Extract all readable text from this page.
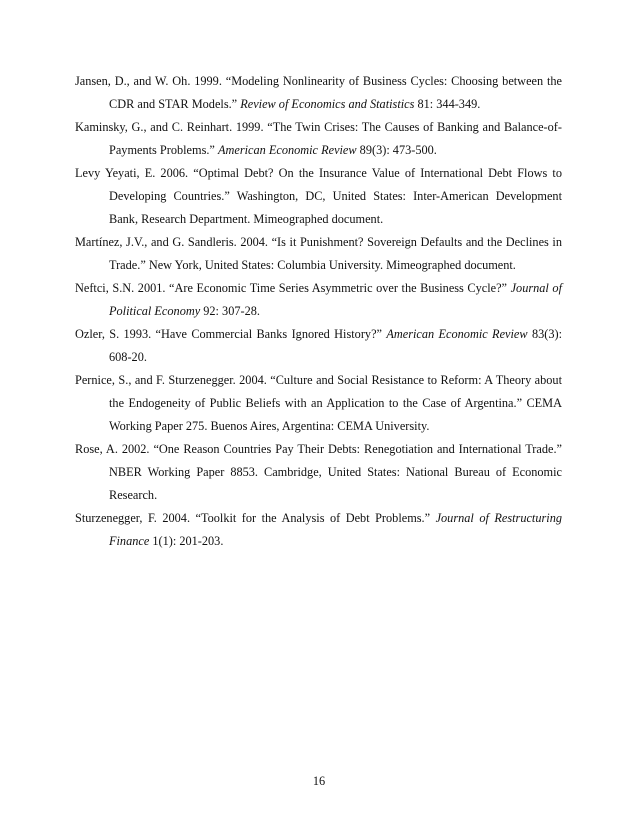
Jansen, D., and W. Oh. 1999. “Modeling Nonlinearity of Business Cycles: Choosing between the CDR and STAR Models.” Review of Economics and Statistics 81: 344-349.

Kaminsky, G., and C. Reinhart. 1999. “The Twin Crises: The Causes of Banking and Balance-of-Payments Problems.” American Economic Review 89(3): 473-500.

Levy Yeyati, E. 2006. “Optimal Debt? On the Insurance Value of International Debt Flows to Developing Countries.” Washington, DC, United States: Inter-American Development Bank, Research Department. Mimeographed document.

Martínez, J.V., and G. Sandleris. 2004. “Is it Punishment? Sovereign Defaults and the Declines in Trade.” New York, United States: Columbia University. Mimeographed document.

Neftci, S.N. 2001. “Are Economic Time Series Asymmetric over the Business Cycle?” Journal of Political Economy 92: 307-28.

Ozler, S. 1993. “Have Commercial Banks Ignored History?” American Economic Review 83(3): 608-20.

Pernice, S., and F. Sturzenegger. 2004. “Culture and Social Resistance to Reform: A Theory about the Endogeneity of Public Beliefs with an Application to the Case of Argentina.” CEMA Working Paper 275. Buenos Aires, Argentina: CEMA University.

Rose, A. 2002. “One Reason Countries Pay Their Debts: Renegotiation and International Trade.” NBER Working Paper 8853. Cambridge, United States: National Bureau of Economic Research.

Sturzenegger, F. 2004. “Toolkit for the Analysis of Debt Problems.” Journal of Restructuring Finance 1(1): 201-203.

16
